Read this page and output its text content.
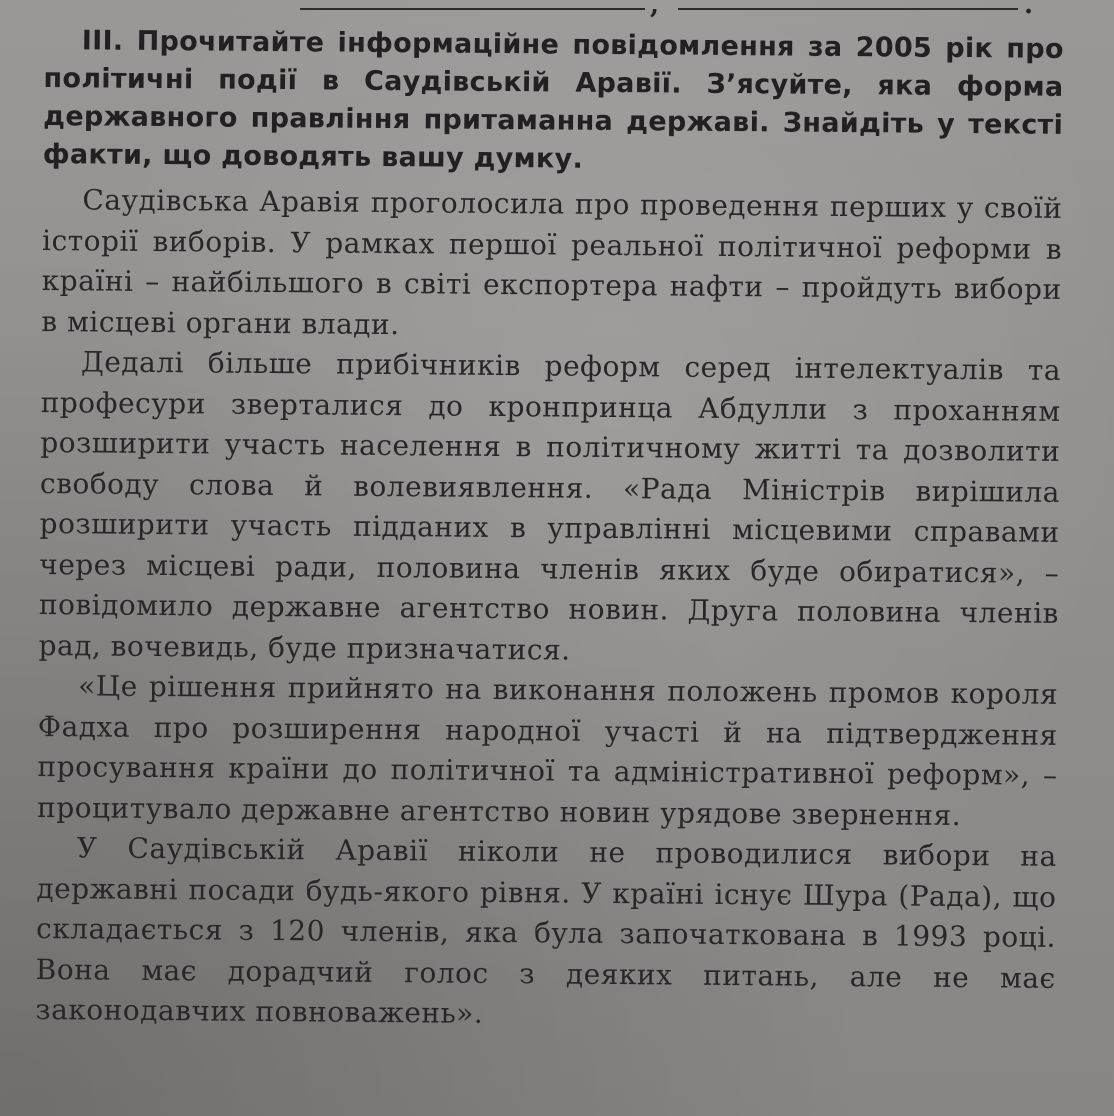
,	.

III. Прочитайте інформаційне повідомлення за 2005 рік про політичні події в Саудівській Аравії. З’ясуйте, яка форма державного правління притаманна державі. Знайдіть у тексті факти, що доводять вашу думку.

Саудівська Аравія проголосила про проведення перших у своїй історії виборів. У рамках першої реальної політичної реформи в країні – найбільшого в світі експортера нафти – пройдуть вибори в місцеві органи влади.

Дедалі більше прибічників реформ серед інтелектуалів та професури зверталися до кронпринца Абдулли з проханням розширити участь населення в політичному житті та дозволити свободу слова й волевиявлення. «Рада Міністрів вирішила розширити участь підданих в управлінні місцевими справами через місцеві ради, половина членів яких буде обиратися», – повідомило державне агентство новин. Друга половина членів рад, вочевидь, буде призначатися.

«Це рішення прийнято на виконання положень промов короля Фадха про розширення народної участі й на підтвердження просування країни до політичної та адміністративної реформ», – процитувало державне агентство новин урядове звернення.

У Саудівській Аравії ніколи не проводилися вибори на державні посади будь-якого рівня. У країні існує Шура (Рада), що складається з 120 членів, яка була започаткована в 1993 році. Вона має дорадчий голос з деяких питань, але не має законодавчих повноважень».
